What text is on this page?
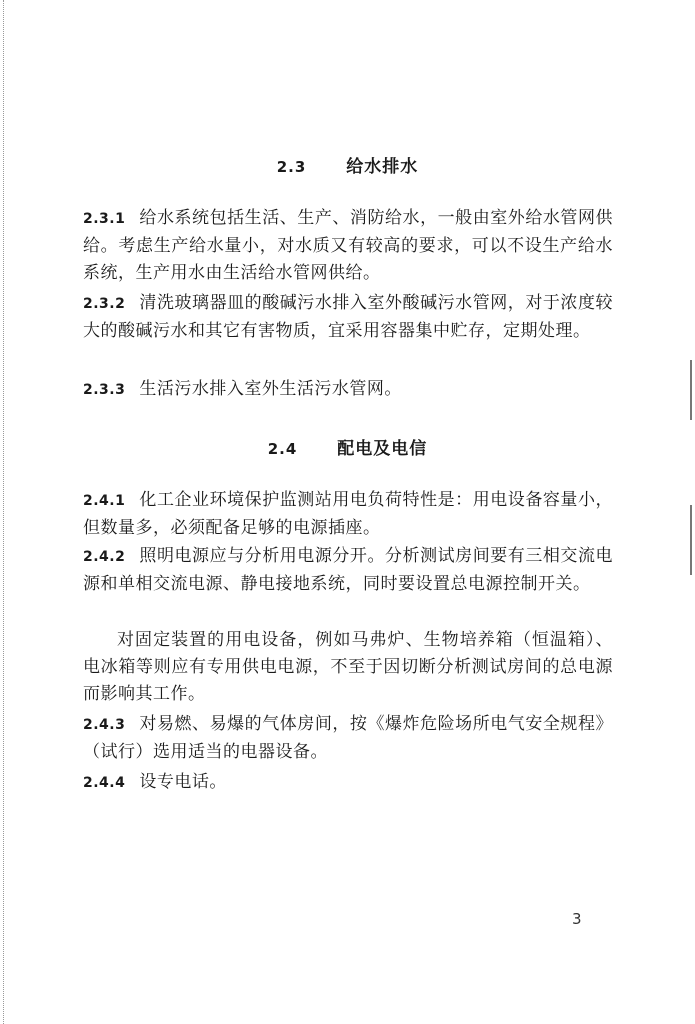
2.3 给水排水

2.3.1 给水系统包括生活、生产、消防给水，一般由室外给水管网供给。考虑生产给水量小，对水质又有较高的要求，可以不设生产给水系统，生产用水由生活给水管网供给。

2.3.2 清洗玻璃器皿的酸碱污水排入室外酸碱污水管网，对于浓度较大的酸碱污水和其它有害物质，宜采用容器集中贮存，定期处理。

2.3.3 生活污水排入室外生活污水管网。

2.4 配电及电信

2.4.1 化工企业环境保护监测站用电负荷特性是：用电设备容量小，但数量多，必须配备足够的电源插座。

2.4.2 照明电源应与分析用电源分开。分析测试房间要有三相交流电源和单相交流电源、静电接地系统，同时要设置总电源控制开关。

对固定装置的用电设备，例如马弗炉、生物培养箱（恒温箱）、电冰箱等则应有专用供电电源，不至于因切断分析测试房间的总电源而影响其工作。

2.4.3 对易燃、易爆的气体房间，按《爆炸危险场所电气安全规程》（试行）选用适当的电器设备。

2.4.4 设专电话。

3
